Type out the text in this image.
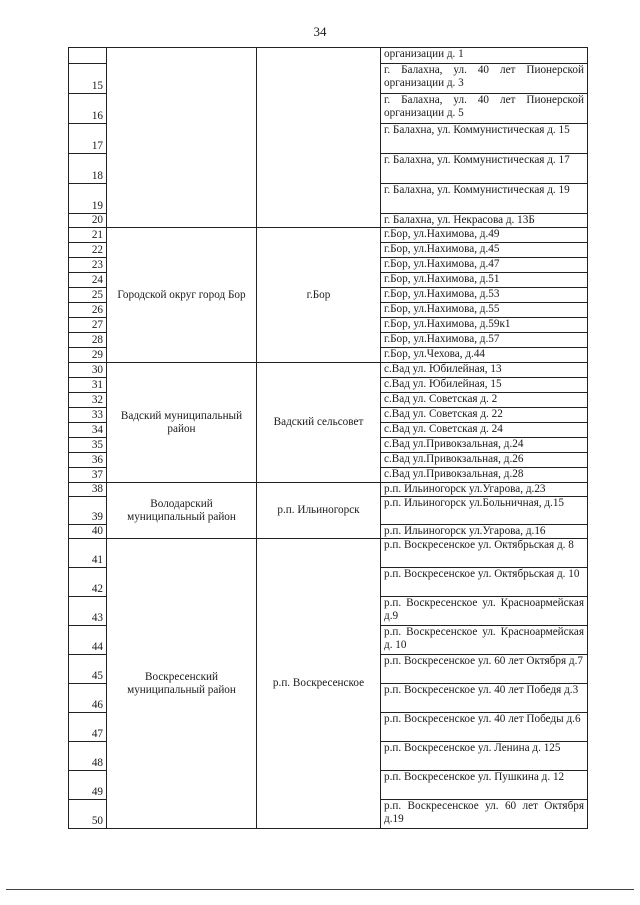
34
			организации д. 1
15			г. Балахна, ул. 40 лет Пионерской организации д. 3
16			г. Балахна, ул. 40 лет Пионерской организации д. 5
17			г. Балахна, ул. Коммунистическая д. 15
18			г. Балахна, ул. Коммунистическая д. 17
19			г. Балахна, ул. Коммунистическая д. 19
20			г. Балахна, ул. Некрасова д. 13Б
21	Городской округ город Бор	г.Бор	г.Бор, ул.Нахимова, д.49
22			г.Бор, ул.Нахимова, д.45
23			г.Бор, ул.Нахимова, д.47
24			г.Бор, ул.Нахимова, д.51
25			г.Бор, ул.Нахимова, д.53
26			г.Бор, ул.Нахимова, д.55
27			г.Бор, ул.Нахимова, д.59к1
28			г.Бор, ул.Нахимова, д.57
29			г.Бор, ул.Чехова, д.44
30	Вадский муниципальный район	Вадский сельсовет	с.Вад ул. Юбилейная, 13
31			с.Вад ул. Юбилейная, 15
32			с.Вад ул. Советская д. 2
33			с.Вад ул. Советская д. 22
34			с.Вад ул. Советская д. 24
35			с.Вад ул.Привокзальная, д.24
36			с.Вад ул.Привокзальная, д.26
37			с.Вад ул.Привокзальная, д.28
38	Володарский муниципальный район	р.п. Ильиногорск	р.п. Ильиногорск ул.Угарова, д.23
39			р.п. Ильиногорск ул.Больничная, д.15
40			р.п. Ильиногорск ул.Угарова, д.16
41	Воскресенский муниципальный район	р.п. Воскресенское	р.п. Воскресенское ул. Октябрьская д. 8
42			р.п. Воскресенское ул. Октябрьская д. 10
43			р.п. Воскресенское ул. Красноармейская д.9
44			р.п. Воскресенское ул. Красноармейская д. 10
45			р.п. Воскресенское ул. 60 лет Октября д.7
46			р.п. Воскресенское ул. 40 лет Победя д.3
47			р.п. Воскресенское ул. 40 лет Победы д.6
48			р.п. Воскресенское ул. Ленина д. 125
49			р.п. Воскресенское ул. Пушкина д. 12
50			р.п. Воскресенское ул. 60 лет Октября д.19
